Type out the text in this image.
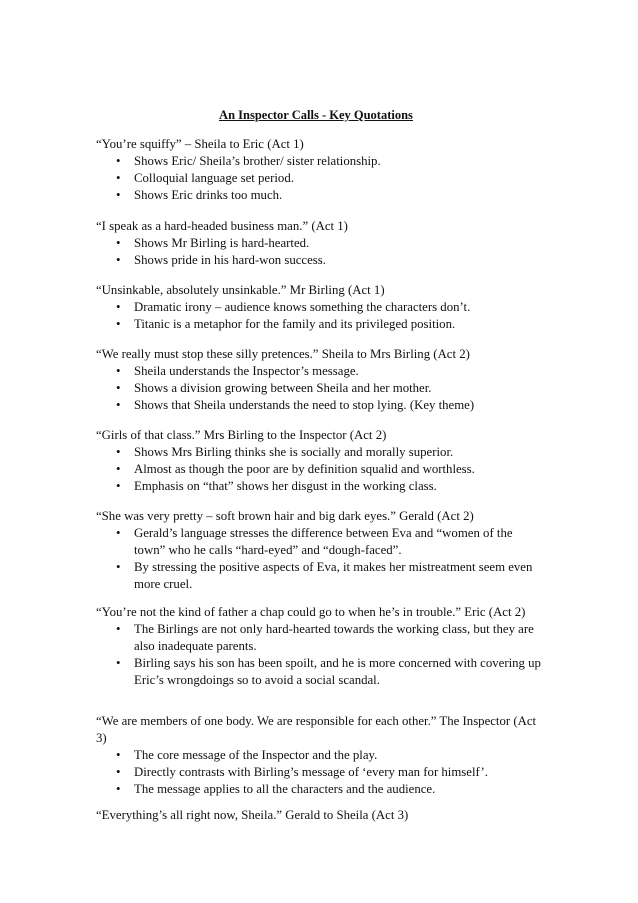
An Inspector Calls - Key Quotations

“You’re squiffy” – Sheila to Eric (Act 1)

• Shows Eric/ Sheila’s brother/ sister relationship.
• Colloquial language set period.
• Shows Eric drinks too much.

“I speak as a hard-headed business man.” (Act 1)

• Shows Mr Birling is hard-hearted.
• Shows pride in his hard-won success.

“Unsinkable, absolutely unsinkable.” Mr Birling (Act 1)

• Dramatic irony – audience knows something the characters don’t.
• Titanic is a metaphor for the family and its privileged position.

“We really must stop these silly pretences.” Sheila to Mrs Birling (Act 2)

• Sheila understands the Inspector’s message.
• Shows a division growing between Sheila and her mother.
• Shows that Sheila understands the need to stop lying. (Key theme)

“Girls of that class.” Mrs Birling to the Inspector (Act 2)

• Shows Mrs Birling thinks she is socially and morally superior.
• Almost as though the poor are by definition squalid and worthless.
• Emphasis on “that” shows her disgust in the working class.

“She was very pretty – soft brown hair and big dark eyes.” Gerald (Act 2)

• Gerald’s language stresses the difference between Eva and “women of the town” who he calls “hard-eyed” and “dough-faced”.
• By stressing the positive aspects of Eva, it makes her mistreatment seem even more cruel.

“You’re not the kind of father a chap could go to when he’s in trouble.” Eric (Act 2)

• The Birlings are not only hard-hearted towards the working class, but they are also inadequate parents.
• Birling says his son has been spoilt, and he is more concerned with covering up Eric’s wrongdoings so to avoid a social scandal.

“We are members of one body. We are responsible for each other.” The Inspector (Act 3)

• The core message of the Inspector and the play.
• Directly contrasts with Birling’s message of ‘every man for himself’.
• The message applies to all the characters and the audience.

“Everything’s all right now, Sheila.” Gerald to Sheila (Act 3)
